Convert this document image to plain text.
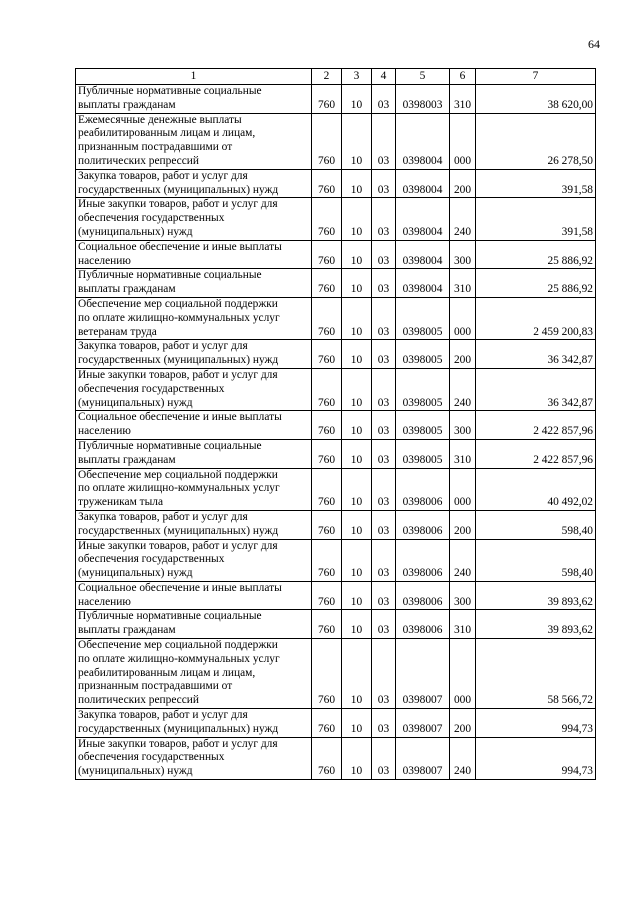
64
1	2	3	4	5	6	7

Публичные нормативные социальные
выплаты гражданам	760	10	03	0398003	310	38 620,00

Ежемесячные денежные выплаты
реабилитированным лицам и лицам,
признанным пострадавшими от
политических репрессий	760	10	03	0398004	000	26 278,50

Закупка товаров, работ и услуг для
государственных (муниципальных) нужд	760	10	03	0398004	200	391,58

Иные закупки товаров, работ и услуг для
обеспечения государственных
(муниципальных) нужд	760	10	03	0398004	240	391,58

Социальное обеспечение и иные выплаты
населению	760	10	03	0398004	300	25 886,92

Публичные нормативные социальные
выплаты гражданам	760	10	03	0398004	310	25 886,92

Обеспечение мер социальной поддержки
по оплате жилищно-коммунальных услуг
ветеранам труда	760	10	03	0398005	000	2 459 200,83

Закупка товаров, работ и услуг для
государственных (муниципальных) нужд	760	10	03	0398005	200	36 342,87

Иные закупки товаров, работ и услуг для
обеспечения государственных
(муниципальных) нужд	760	10	03	0398005	240	36 342,87

Социальное обеспечение и иные выплаты
населению	760	10	03	0398005	300	2 422 857,96

Публичные нормативные социальные
выплаты гражданам	760	10	03	0398005	310	2 422 857,96

Обеспечение мер социальной поддержки
по оплате жилищно-коммунальных услуг
труженикам тыла	760	10	03	0398006	000	40 492,02

Закупка товаров, работ и услуг для
государственных (муниципальных) нужд	760	10	03	0398006	200	598,40

Иные закупки товаров, работ и услуг для
обеспечения государственных
(муниципальных) нужд	760	10	03	0398006	240	598,40

Социальное обеспечение и иные выплаты
населению	760	10	03	0398006	300	39 893,62

Публичные нормативные социальные
выплаты гражданам	760	10	03	0398006	310	39 893,62

Обеспечение мер социальной поддержки
по оплате жилищно-коммунальных услуг
реабилитированным лицам и лицам,
признанным пострадавшими от
политических репрессий	760	10	03	0398007	000	58 566,72

Закупка товаров, работ и услуг для
государственных (муниципальных) нужд	760	10	03	0398007	200	994,73

Иные закупки товаров, работ и услуг для
обеспечения государственных
(муниципальных) нужд	760	10	03	0398007	240	994,73
